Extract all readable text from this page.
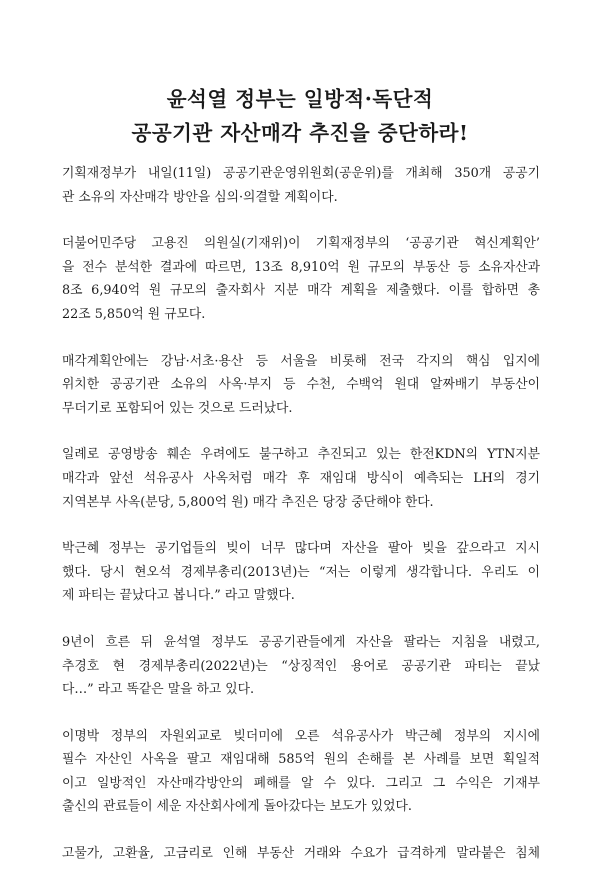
윤석열 정부는 일방적·독단적
공공기관 자산매각 추진을 중단하라!
기획재정부가 내일(11일) 공공기관운영위원회(공운위)를 개최해 350개 공공기
관 소유의 자산매각 방안을 심의·의결할 계획이다.
더불어민주당 고용진 의원실(기재위)이 기획재정부의 ‘공공기관 혁신계획안’
을 전수 분석한 결과에 따르면, 13조 8,910억 원 규모의 부동산 등 소유자산과
8조 6,940억 원 규모의 출자회사 지분 매각 계획을 제출했다. 이를 합하면 총
22조 5,850억 원 규모다.
매각계획안에는 강남·서초·용산 등 서울을 비롯해 전국 각지의 핵심 입지에
위치한 공공기관 소유의 사옥·부지 등 수천, 수백억 원대 알짜배기 부동산이
무더기로 포함되어 있는 것으로 드러났다.
일례로 공영방송 훼손 우려에도 불구하고 추진되고 있는 한전KDN의 YTN지분
매각과 앞선 석유공사 사옥처럼 매각 후 재임대 방식이 예측되는 LH의 경기
지역본부 사옥(분당, 5,800억 원) 매각 추진은 당장 중단해야 한다.
박근혜 정부는 공기업들의 빚이 너무 많다며 자산을 팔아 빚을 갚으라고 지시
했다. 당시 현오석 경제부총리(2013년)는 “저는 이렇게 생각합니다. 우리도 이
제 파티는 끝났다고 봅니다.” 라고 말했다.
9년이 흐른 뒤 윤석열 정부도 공공기관들에게 자산을 팔라는 지침을 내렸고,
추경호 현 경제부총리(2022년)는 “상징적인 용어로 공공기관 파티는 끝났
다…” 라고 똑같은 말을 하고 있다.
이명박 정부의 자원외교로 빚더미에 오른 석유공사가 박근혜 정부의 지시에
필수 자산인 사옥을 팔고 재임대해 585억 원의 손해를 본 사례를 보면 획일적
이고 일방적인 자산매각방안의 폐해를 알 수 있다. 그리고 그 수익은 기재부
출신의 관료들이 세운 자산회사에게 돌아갔다는 보도가 있었다.
고물가, 고환율, 고금리로 인해 부동산 거래와 수요가 급격하게 말라붙은 침체
